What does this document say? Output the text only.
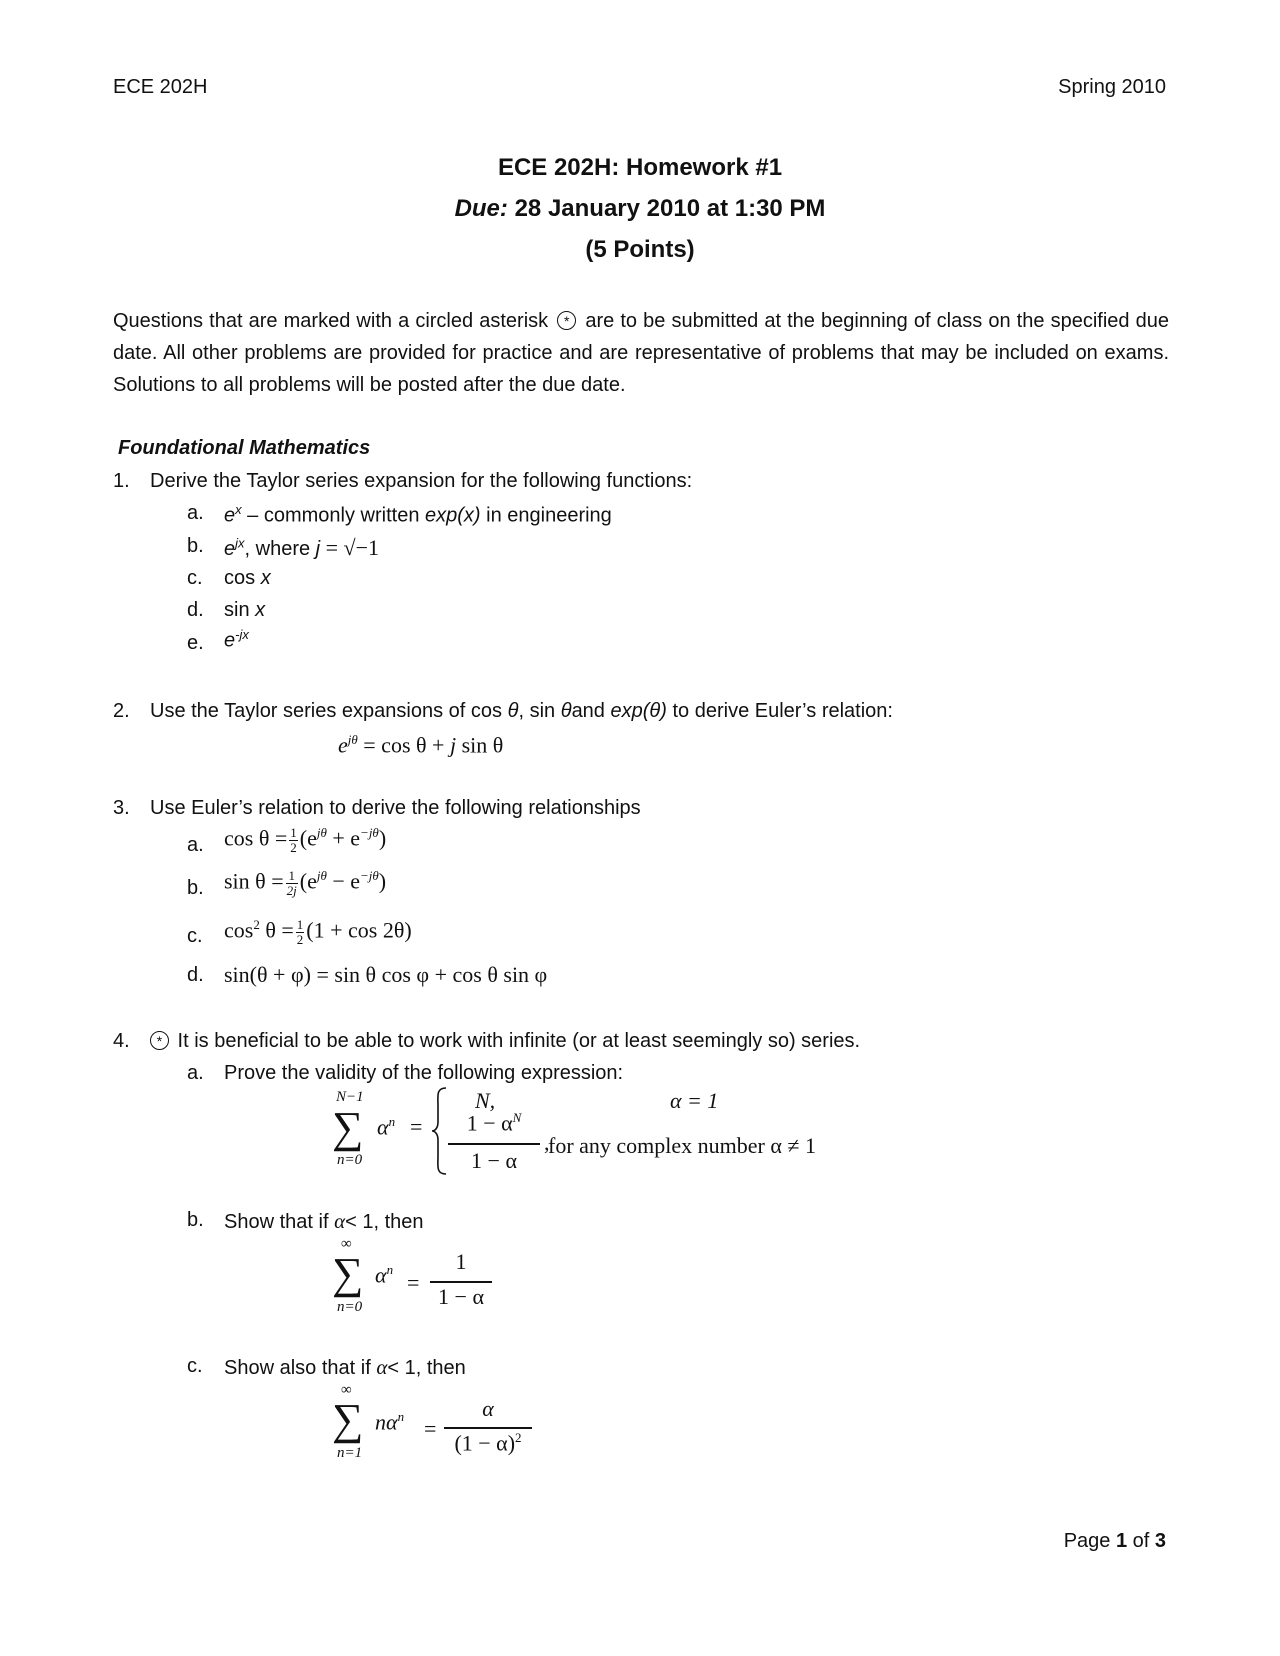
ECE 202H	Spring 2010
ECE 202H: Homework #1
Due: 28 January 2010 at 1:30 PM
(5 Points)
Questions that are marked with a circled asterisk * are to be submitted at the beginning of class on the specified due date. All other problems are provided for practice and are representative of problems that may be included on exams. Solutions to all problems will be posted after the due date.
Foundational Mathematics
1. Derive the Taylor series expansion for the following functions:
a. $e^x$ – commonly written exp(x) in engineering
b. $e^{jx}$, where j = √−1
c. cos x
d. sin x
e. $e^{-jx}$
2. Use the Taylor series expansions of cos θ, sin θand exp(θ) to derive Euler’s relation:
$e^{j\theta} = \cos \theta + j$ sin θ
3. Use Euler’s relation to derive the following relationships
a. $\cos \theta = \frac{1}{2} (e^{j\theta} + e^{-j\theta})$
b. $\sin \theta = \frac{1}{2j} (e^{j\theta} - e^{-j\theta})$
c. $\cos^2 \theta = \frac{1}{2} (1 + \cos 2\theta)$
d. sin(θ + φ) = sin θ cos φ + cos θ sin φ
4.	* It is beneficial to be able to work with infinite (or at least seemingly so) series.
a. Prove the validity of the following expression:
N−1
∑
n=0
$\alpha^n$ =
N,	α = 1
$1 - \alpha^N$
1 − α
,
for any complex number α ≠ 1
b. Show that if α< 1, then
∞
∑
n=0
$\alpha^n$
=
1
1 − α
c. Show also that if α< 1, then
∞
∑
n=1
$n\alpha^n$ =
α
$(1 - \alpha)^2$
Page 1 of 3
